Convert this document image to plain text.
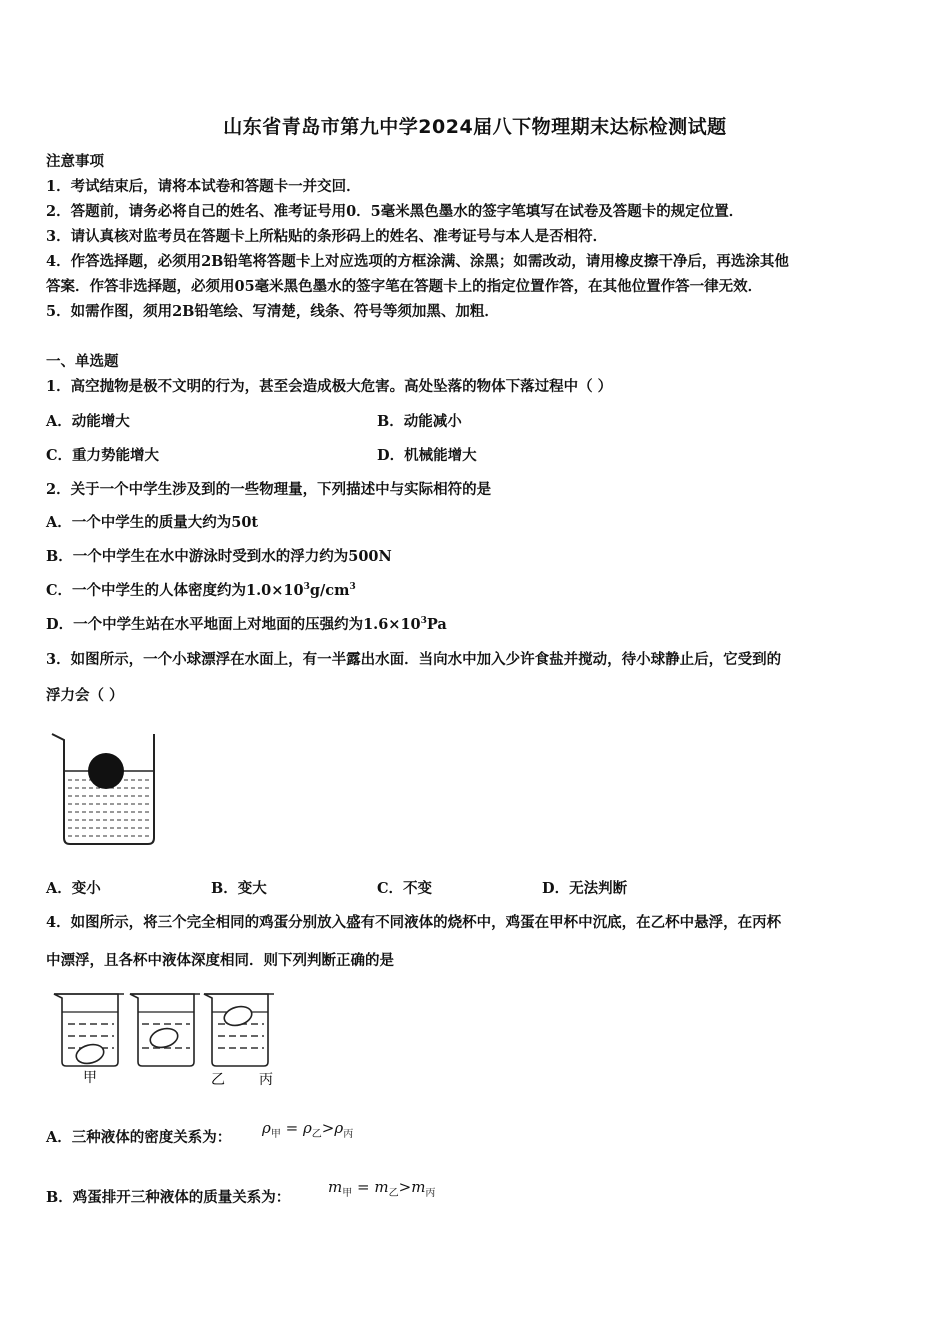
山东省青岛市第九中学2024届八下物理期末达标检测试题
注意事项
1．考试结束后，请将本试卷和答题卡一并交回．
2．答题前，请务必将自己的姓名、准考证号用0．5毫米黑色墨水的签字笔填写在试卷及答题卡的规定位置．
3．请认真核对监考员在答题卡上所粘贴的条形码上的姓名、准考证号与本人是否相符．
4．作答选择题，必须用2B铅笔将答题卡上对应选项的方框涂满、涂黑；如需改动，请用橡皮擦干净后，再选涂其他
答案．作答非选择题，必须用05毫米黑色墨水的签字笔在答题卡上的指定位置作答，在其他位置作答一律无效．
5．如需作图，须用2B铅笔绘、写清楚，线条、符号等须加黑、加粗．
一、单选题
1．高空抛物是极不文明的行为，甚至会造成极大危害。高处坠落的物体下落过程中（ ）
A．动能增大	B．动能减小
C．重力势能增大	D．机械能增大
2．关于一个中学生涉及到的一些物理量，下列描述中与实际相符的是
A．一个中学生的质量大约为50t
B．一个中学生在水中游泳时受到水的浮力约为500N
C．一个中学生的人体密度约为$1.0\times 10^3g/cm^3$
D．一个中学生站在水平地面上对地面的压强约为$1.6\times 10^3Pa$
3．如图所示，一个小球漂浮在水面上，有一半露出水面．当向水中加入少许食盐并搅动，待小球静止后，它受到的
浮力会（ ）
A．变小	B．变大	C．不变	D．无法判断
4．如图所示，将三个完全相同的鸡蛋分别放入盛有不同液体的烧杯中，鸡蛋在甲杯中沉底，在乙杯中悬浮，在丙杯
中漂浮，且各杯中液体深度相同．则下列判断正确的是
甲	乙 丙
A．三种液体的密度关系为：
$\rho_甲 = \rho_乙>\rho_丙$
B．鸡蛋排开三种液体的质量关系为：
$m_甲 = m_乙>m_丙$
